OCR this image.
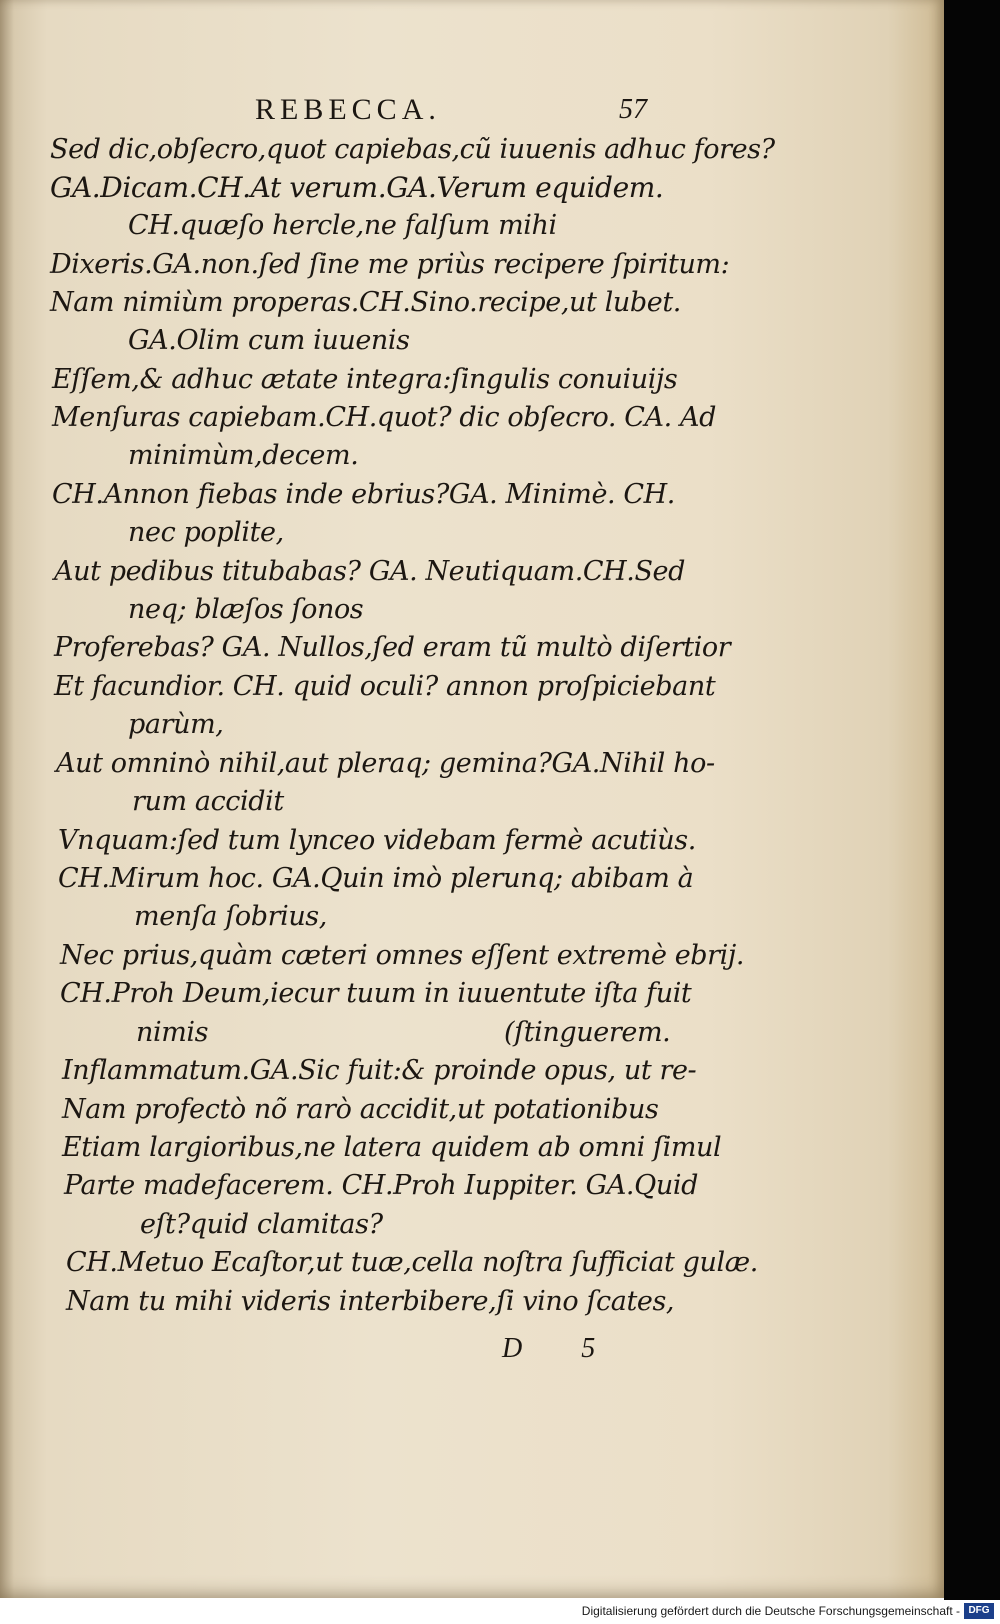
REBECCA.	57
Sed dic,obſecro,quot capiebas,cũ iuuenis adhuc fores?
GA.Dicam.CH.At verum.GA.Verum equidem.
CH.quæſo hercle,ne falſum mihi
Dixeris.GA.non.ſed ſine me priùs recipere ſpiritum:
Nam nimiùm properas.CH.Sino.recipe,ut lubet.
GA.Olim cum iuuenis
Eſſem,& adhuc ætate integra:ſingulis conuiuijs
Menſuras capiebam.CH.quot? dic obſecro. CA. Ad
minimùm,decem.
CH.Annon fiebas inde ebrius?GA. Minimè. CH.
nec poplite,
Aut pedibus titubabas? GA. Neutiquam.CH.Sed
neq; blæſos ſonos
Proferebas? GA. Nullos,ſed eram tũ multò diſertior
Et facundior. CH. quid oculi? annon proſpiciebant
parùm,
Aut omninò nihil,aut pleraq; gemina?GA.Nihil ho-
rum accidit
Vnquam:ſed tum lynceo videbam fermè acutiùs.
CH.Mirum hoc. GA.Quin imò plerunq; abibam à
menſa ſobrius,
Nec prius,quàm cæteri omnes eſſent extremè ebrij.
CH.Proh Deum,iecur tuum in iuuentute iſta fuit
nimis	(ſtinguerem.
Inflammatum.GA.Sic fuit:& proinde opus, ut re-
Nam profectò nõ rarò accidit,ut potationibus
Etiam largioribus,ne latera quidem ab omni ſimul
Parte madefacerem. CH.Proh Iuppiter. GA.Quid
eſt?quid clamitas?
CH.Metuo Ecaſtor,ut tuæ,cella noſtra ſufficiat gulæ.
Nam tu mihi videris interbibere,ſi vino ſcates,
D 5
Digitalisierung gefördert durch die Deutsche Forschungsgemeinschaft - DFG
